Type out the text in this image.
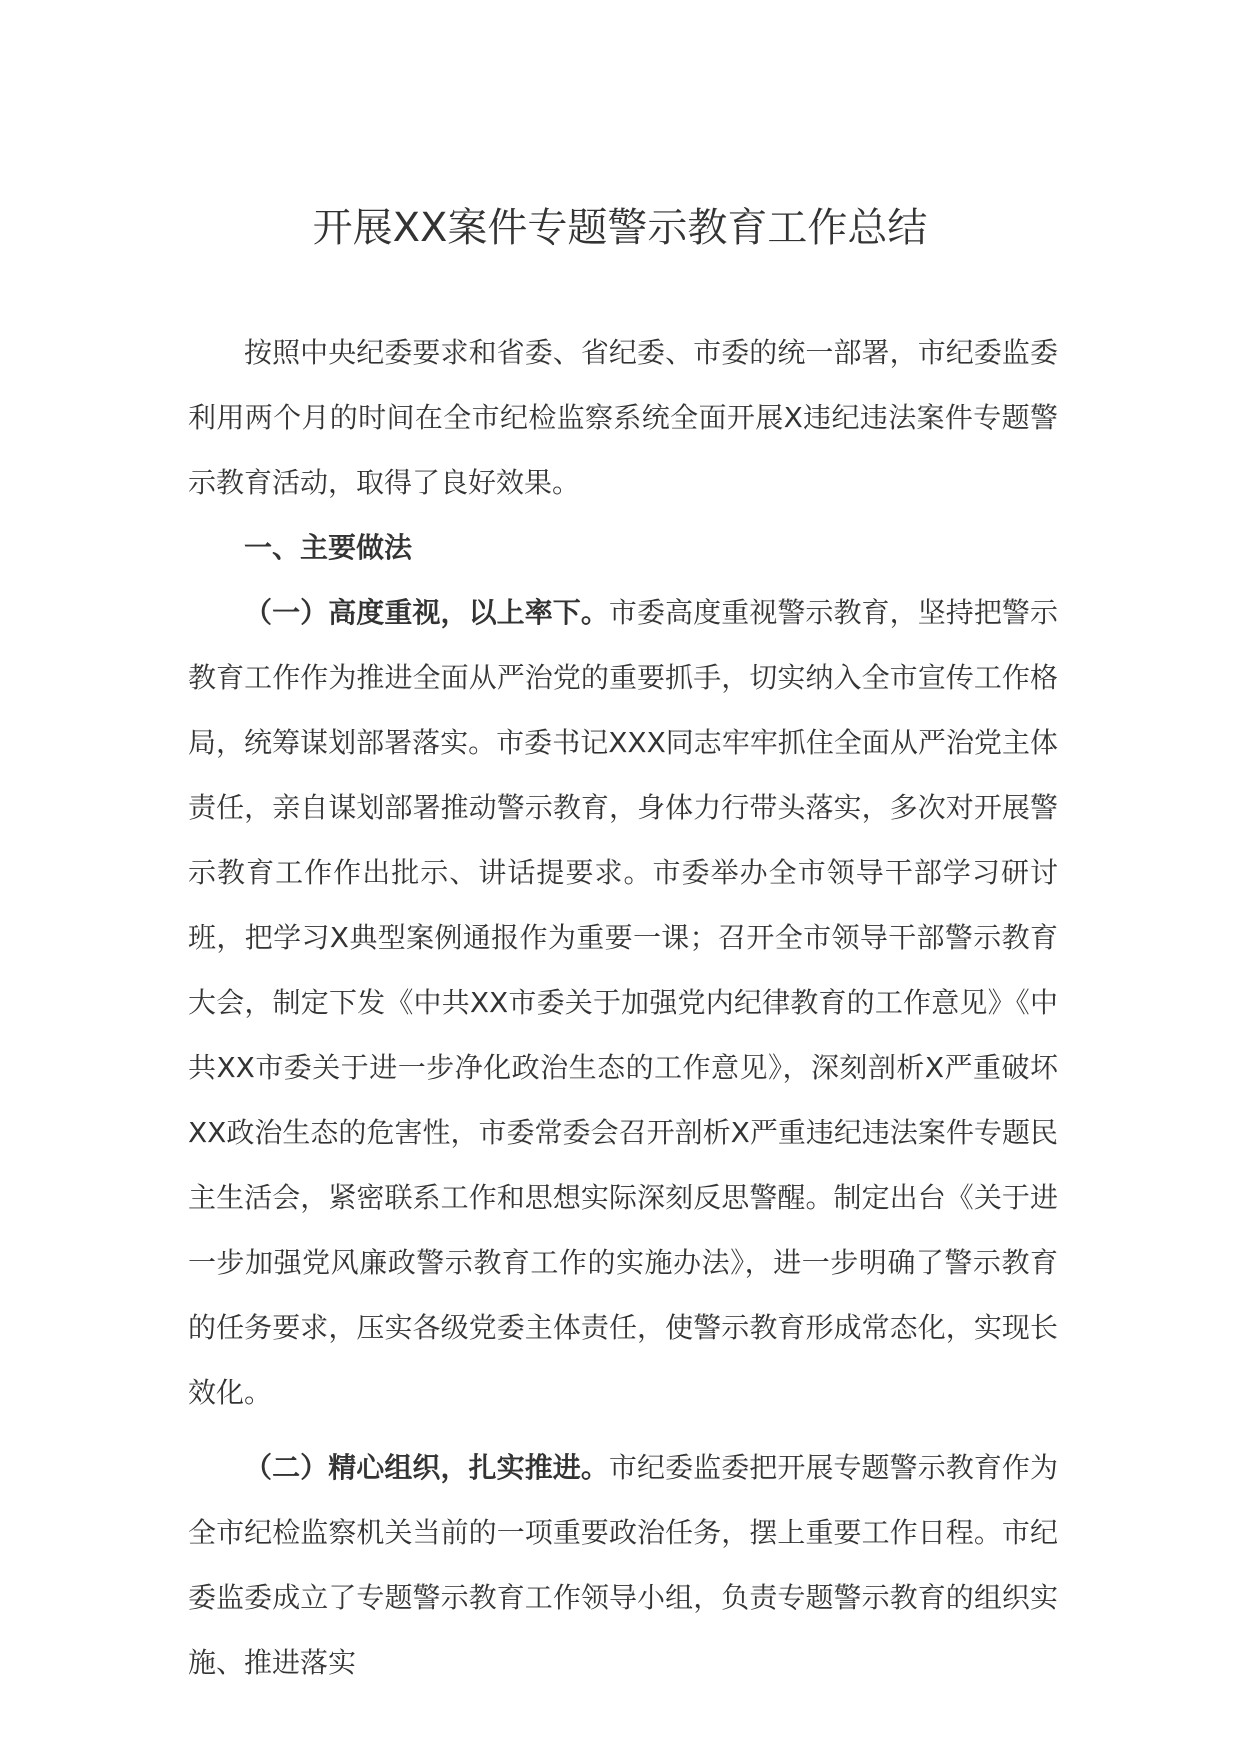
开展XX案件专题警示教育工作总结

按照中央纪委要求和省委、省纪委、市委的统一部署，市纪委监委利用两个月的时间在全市纪检监察系统全面开展X违纪违法案件专题警示教育活动，取得了良好效果。

一、主要做法

（一）高度重视，以上率下。市委高度重视警示教育，坚持把警示教育工作作为推进全面从严治党的重要抓手，切实纳入全市宣传工作格局，统筹谋划部署落实。市委书记XXX同志牢牢抓住全面从严治党主体责任，亲自谋划部署推动警示教育，身体力行带头落实，多次对开展警示教育工作作出批示、讲话提要求。市委举办全市领导干部学习研讨班，把学习X典型案例通报作为重要一课；召开全市领导干部警示教育大会，制定下发《中共XX市委关于加强党内纪律教育的工作意见》《中共XX市委关于进一步净化政治生态的工作意见》，深刻剖析X严重破坏XX政治生态的危害性，市委常委会召开剖析X严重违纪违法案件专题民主生活会，紧密联系工作和思想实际深刻反思警醒。制定出台《关于进一步加强党风廉政警示教育工作的实施办法》，进一步明确了警示教育的任务要求，压实各级党委主体责任，使警示教育形成常态化，实现长效化。

（二）精心组织，扎实推进。市纪委监委把开展专题警示教育作为全市纪检监察机关当前的一项重要政治任务，摆上重要工作日程。市纪委监委成立了专题警示教育工作领导小组，负责专题警示教育的组织实施、推进落实
